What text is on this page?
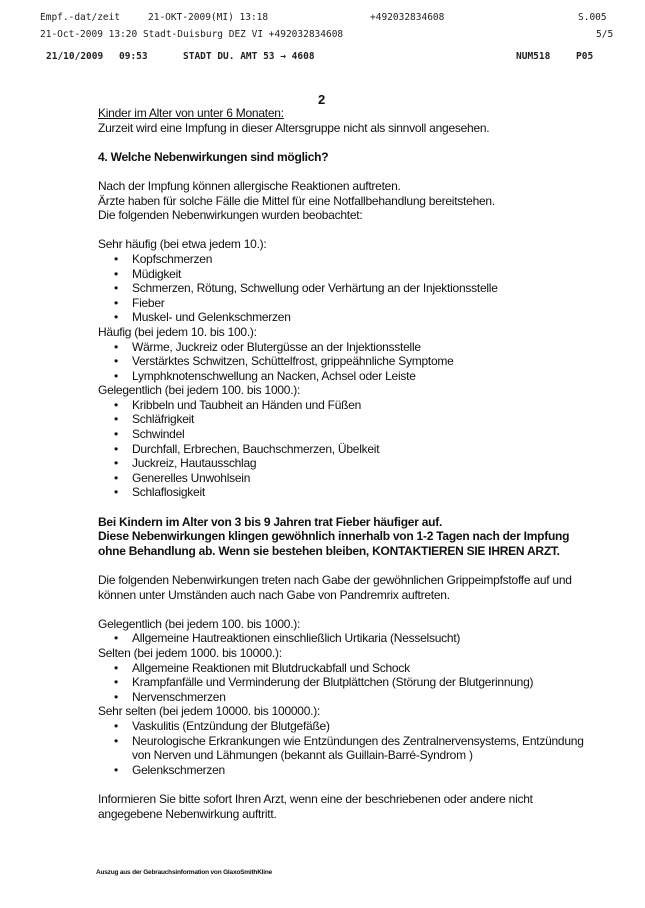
Empf.-dat/zeit	21-OKT-2009(MI) 13:18	+492032834608	S.005
21-Oct-2009 13:20 Stadt-Duisburg DEZ VI +492032834608	5/5
21/10/2009 09:53	STADT DU. AMT 53 → 4608	NUM518	P05
2

Kinder im Alter von unter 6 Monaten:

Zurzeit wird eine Impfung in dieser Altersgruppe nicht als sinnvoll angesehen.

4. Welche Nebenwirkungen sind möglich?

Nach der Impfung können allergische Reaktionen auftreten.

Ärzte haben für solche Fälle die Mittel für eine Notfallbehandlung bereitstehen.

Die folgenden Nebenwirkungen wurden beobachtet:

Sehr häufig (bei etwa jedem 10.):

• Kopfschmerzen
• Müdigkeit
• Schmerzen, Rötung, Schwellung oder Verhärtung an der Injektionsstelle
• Fieber
• Muskel- und Gelenkschmerzen

Häufig (bei jedem 10. bis 100.):

• Wärme, Juckreiz oder Blutergüsse an der Injektionsstelle
• Verstärktes Schwitzen, Schüttelfrost, grippeähnliche Symptome
• Lymphknotenschwellung an Nacken, Achsel oder Leiste

Gelegentlich (bei jedem 100. bis 1000.):

• Kribbeln und Taubheit an Händen und Füßen
• Schläfrigkeit
• Schwindel
• Durchfall, Erbrechen, Bauchschmerzen, Übelkeit
• Juckreiz, Hautausschlag
• Generelles Unwohlsein
• Schlaflosigkeit

Bei Kindern im Alter von 3 bis 9 Jahren trat Fieber häufiger auf.

Diese Nebenwirkungen klingen gewöhnlich innerhalb von 1-2 Tagen nach der Impfung ohne Behandlung ab. Wenn sie bestehen bleiben, KONTAKTIEREN SIE IHREN ARZT.

Die folgenden Nebenwirkungen treten nach Gabe der gewöhnlichen Grippeimpfstoffe auf und können unter Umständen auch nach Gabe von Pandremrix auftreten.

Gelegentlich (bei jedem 100. bis 1000.):

• Allgemeine Hautreaktionen einschließlich Urtikaria (Nesselsucht)

Selten (bei jedem 1000. bis 10000.):

• Allgemeine Reaktionen mit Blutdruckabfall und Schock
• Krampfanfälle und Verminderung der Blutplättchen (Störung der Blutgerinnung)
• Nervenschmerzen

Sehr selten (bei jedem 10000. bis 100000.):

• Vaskulitis (Entzündung der Blutgefäße)
• Neurologische Erkrankungen wie Entzündungen des Zentralnervensystems, Entzündung von Nerven und Lähmungen (bekannt als Guillain-Barré-Syndrom )
• Gelenkschmerzen

Informieren Sie bitte sofort Ihren Arzt, wenn eine der beschriebenen oder andere nicht angegebene Nebenwirkung auftritt.

Auszug aus der Gebrauchsinformation von GlaxoSmithKline
